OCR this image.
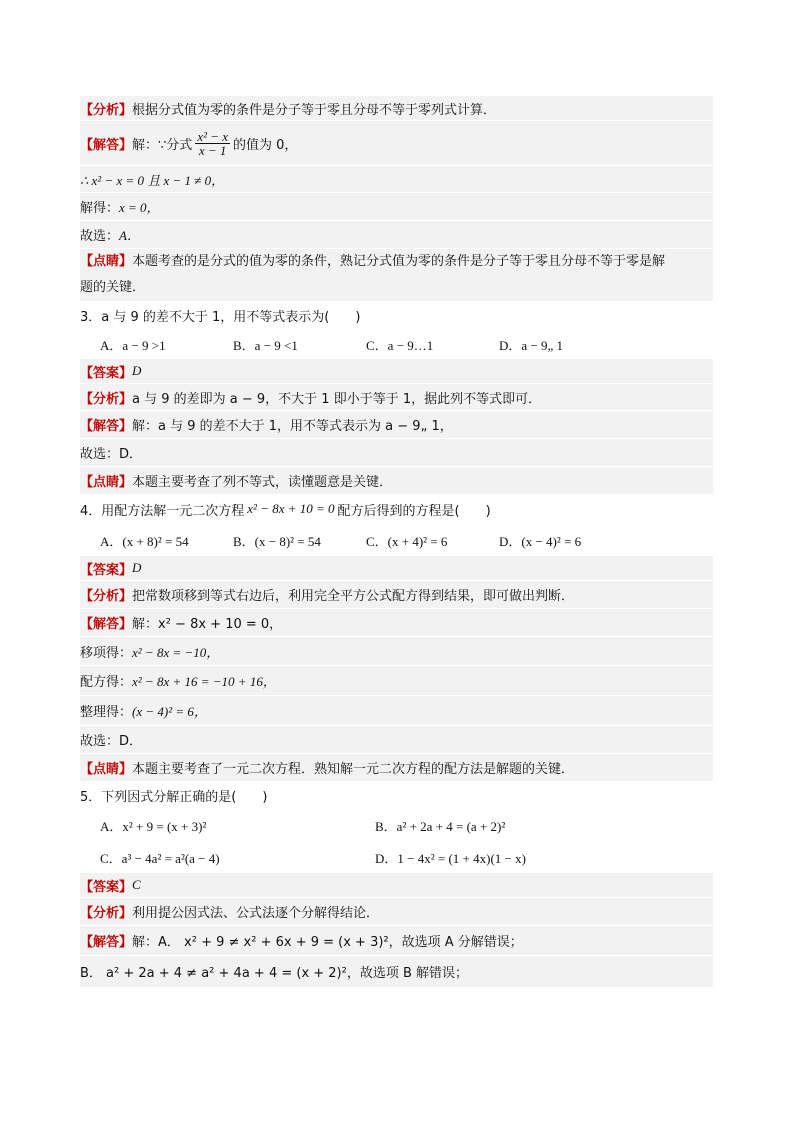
【分析】 根据分式值为零的条件是分子等于零且分母不等于零列式计算．
【解答】 解： ∵分式 $\frac{\text{x² − x}}{x - 1}$ 的值为 0，
∴ x² − x = 0 且 x − 1 ≠ 0，
解得： x = 0，
故选： A．
【点睛】本题考查的是分式的值为零的条件，熟记分式值为零的条件是分子等于零且分母不等于零是解
题的关键．
3．a 与 9 的差不大于 1，用不等式表示为(　　)
A．a − 9 >1	B．a − 9 <1	C．a − 9…1	D．a − 9„ 1
【答案】 D
【分析】 a 与 9 的差即为 a − 9，不大于 1 即小于等于 1，据此列不等式即可．
【解答】 解：a 与 9 的差不大于 1，用不等式表示为 a − 9„ 1，
故选：D．
【点睛】 本题主要考查了列不等式，读懂题意是关键．
4．用配方法解一元二次方程 x² − 8x + 10 = 0 配方后得到的方程是(　　)
A．(x + 8)² = 54	B．(x − 8)² = 54	C．(x + 4)² = 6	D．(x − 4)² = 6
【答案】 D
【分析】 把常数项移到等式右边后，利用完全平方公式配方得到结果，即可做出判断．
【解答】 解：x² − 8x + 10 = 0，
移项得： x² − 8x = −10，
配方得： x² − 8x + 16 = −10 + 16，
整理得： (x − 4)² = 6，
故选：D．
【点睛】 本题主要考查了一元二次方程．熟知解一元二次方程的配方法是解题的关键．
5．下列因式分解正确的是(　　)
A．x² + 9 = (x + 3)²	B．a² + 2a + 4 = (a + 2)²
C．a³ − 4a² = a²(a − 4)	D．1 − 4x² = (1 + 4x)(1 − x)
【答案】 C
【分析】 利用提公因式法、公式法逐个分解得结论．
【解答】 解：A． x² + 9 ≠ x² + 6x + 9 = (x + 3)²，故选项 A 分解错误；
B． a² + 2a + 4 ≠ a² + 4a + 4 = (x + 2)²，故选项 B 解错误；
